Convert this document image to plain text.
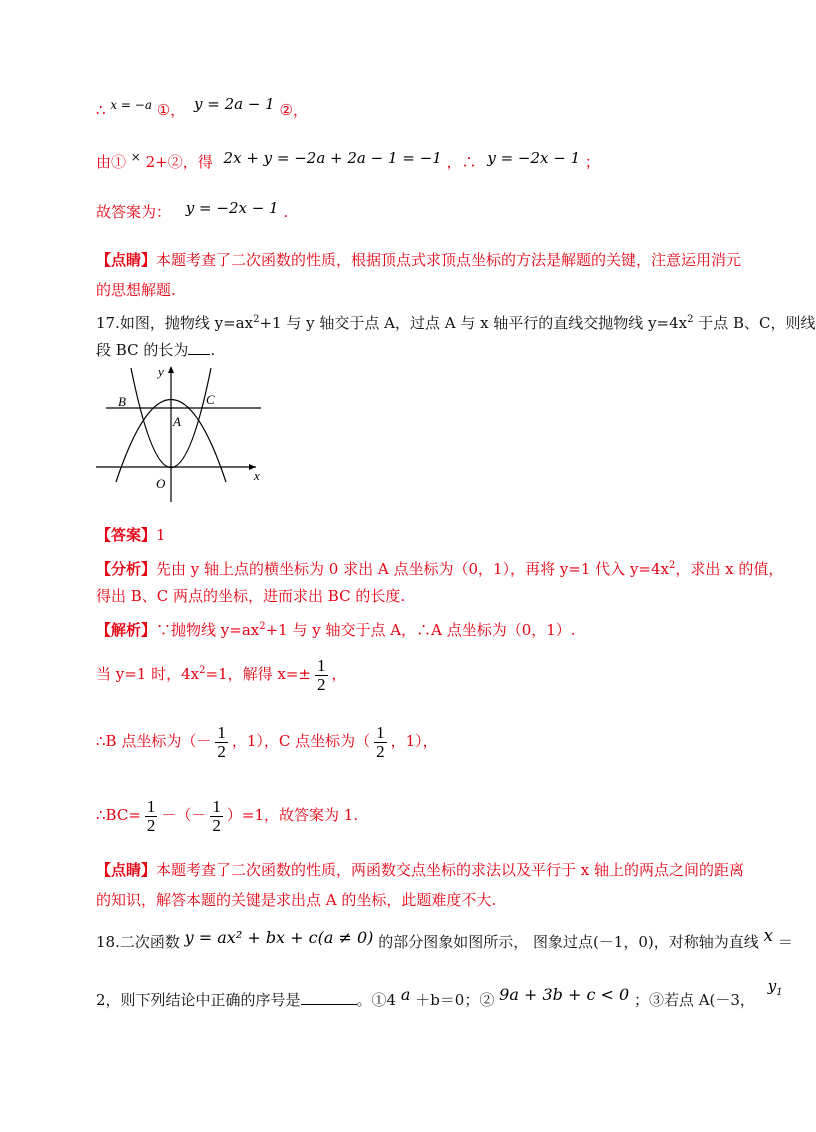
∴ $^{x = -a}$ ①， y = 2a − 1 ②，
由① × 2+②，得 2x + y = −2a + 2a − 1 = −1 ，∴ y = −2x − 1 ；
故答案为： y = −2x − 1 .
【点睛】本题考查了二次函数的性质，根据顶点式求顶点坐标的方法是解题的关键，注意运用消元
的思想解题.
17.如图，抛物线 $y=ax^2+1$ 与 y 轴交于点 A，过点 A 与 x 轴平行的直线交抛物线 $y=4x^2$ 于点 B、C，则线
段 BC 的长为 .
y
x
O
A
B	C
【答案】1
【分析】先由 y 轴上点的横坐标为 0 求出 A 点坐标为（0，1），再将 y=1 代入 $y=4x^2$，求出 x 的值，
得出 B、C 两点的坐标，进而求出 BC 的长度.
【解析】∵抛物线 $y=ax^2+1$ 与 y 轴交于点 A，∴A 点坐标为（0，1）.
当 y=1 时，$4x^2=1$，解得 $x=\pm \frac{1}{2}$ ，
∴B 点坐标为（－ $\frac{1}{2}$ ，1），C 点坐标为（ $\frac{1}{2}$ ，1），
∴BC= $\frac{1}{2}$ －（－ $\frac{1}{2} )=1$，故答案为 1.
【点睛】本题考查了二次函数的性质，两函数交点坐标的求法以及平行于 x 轴上的两点之间的距离
的知识，解答本题的关键是求出点 A 的坐标，此题难度不大.
18.二次函数 y = ax² + bx + c(a ≠ 0) 的部分图象如图所示， 图象过点(－1，0)，对称轴为直线 x ＝
2，则下列结论中正确的序号是	。①4 a ＋b＝0；② 9a + 3b + c < 0 ；③若点 A(－3， $y_1$
